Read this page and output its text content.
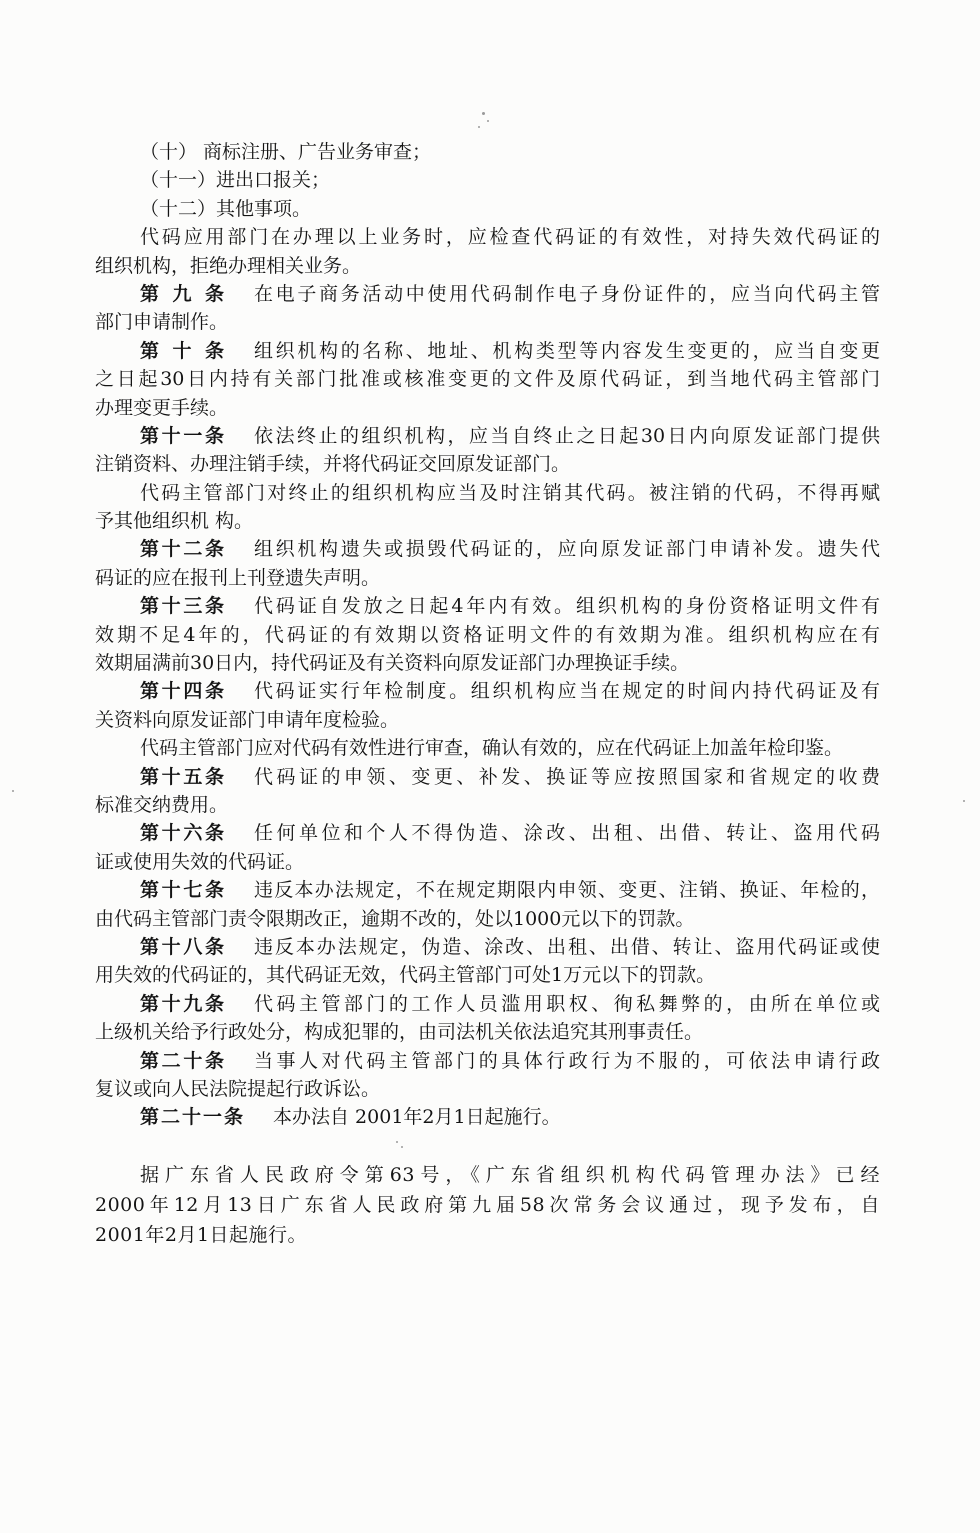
（十） 商标注册、广告业务审查；
（十一）进出口报关；
（十二）其他事项。
代码应用部门在办理以上业务时，应检查代码证的有效性，对持失效代码证的
组织机构，拒绝办理相关业务。
第九条 在电子商务活动中使用代码制作电子身份证件的，应当向代码主管
部门申请制作。
第十条 组织机构的名称、地址、机构类型等内容发生变更的，应当自变更
之日起30日内持有关部门批准或核准变更的文件及原代码证，到当地代码主管部门
办理变更手续。
第十一条 依法终止的组织机构，应当自终止之日起30日内向原发证部门提供
注销资料、办理注销手续，并将代码证交回原发证部门。
代码主管部门对终止的组织机构应当及时注销其代码。被注销的代码，不得再赋
予其他组织机 构。
第十二条 组织机构遗失或损毁代码证的，应向原发证部门申请补发。遗失代
码证的应在报刊上刊登遗失声明。
第十三条 代码证自发放之日起4年内有效。组织机构的身份资格证明文件有
效期不足4年的，代码证的有效期以资格证明文件的有效期为准。组织机构应在有
效期届满前30日内，持代码证及有关资料向原发证部门办理换证手续。
第十四条 代码证实行年检制度。组织机构应当在规定的时间内持代码证及有
关资料向原发证部门申请年度检验。
代码主管部门应对代码有效性进行审查，确认有效的，应在代码证上加盖年检印鉴。
第十五条 代码证的申领、变更、补发、换证等应按照国家和省规定的收费
标准交纳费用。
第十六条 任何单位和个人不得伪造、涂改、出租、出借、转让、盗用代码
证或使用失效的代码证。
第十七条 违反本办法规定，不在规定期限内申领、变更、注销、换证、年检的，
由代码主管部门责令限期改正，逾期不改的，处以1000元以下的罚款。
第十八条 违反本办法规定，伪造、涂改、出租、出借、转让、盗用代码证或使
用失效的代码证的，其代码证无效，代码主管部门可处1万元以下的罚款。
第十九条 代码主管部门的工作人员滥用职权、徇私舞弊的，由所在单位或
上级机关给予行政处分，构成犯罪的，由司法机关依法追究其刑事责任。
第二十条 当事人对代码主管部门的具体行政行为不服的，可依法申请行政
复议或向人民法院提起行政诉讼。
第二十一条 本办法自 2001年2月1日起施行。
据广东省人民政府令第63号，《广东省组织机构代码管理办法》已经
2000年12月13日广东省人民政府第九届58次常务会议通过，现予发布，自
2001年2月1日起施行。
